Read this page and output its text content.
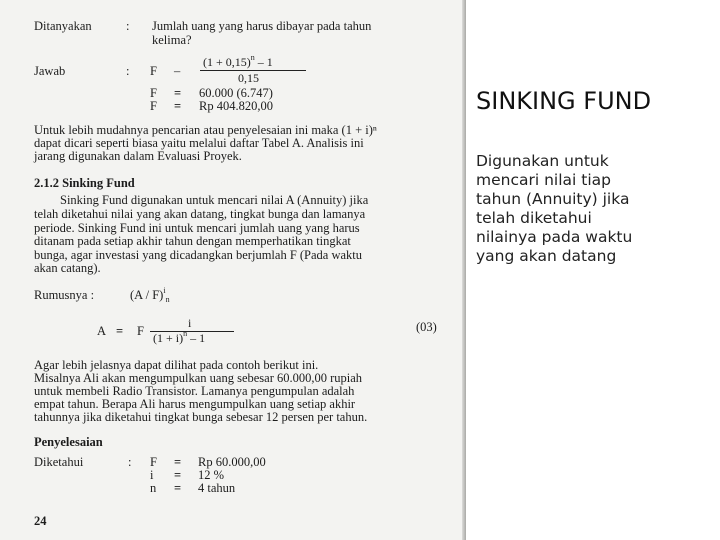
Ditanyakan	: Jumlah uang yang harus dibayar pada tahun
kelima?
Jawab	: F –
$(1 + 0,15)^n - 1$
0,15
F = 60.000 (6.747)
F = Rp 404.820,00
Untuk lebih mudahnya pencarian atau penyelesaian ini maka (1 + i)ⁿ
dapat dicari seperti biasa yaitu melalui daftar Tabel A. Analisis ini
jarang digunakan dalam Evaluasi Proyek.
2.1.2 Sinking Fund
Sinking Fund digunakan untuk mencari nilai A (Annuity) jika
telah diketahui nilai yang akan datang, tingkat bunga dan lamanya
periode. Sinking Fund ini untuk mencari jumlah uang yang harus
ditanam pada setiap akhir tahun dengan memperhatikan tingkat
bunga, agar investasi yang dicadangkan berjumlah F (Pada waktu
akan catang).
Rumusnya :	(A / F)$^i_n$
A = F
i
$(1 + i)^n - 1$
(03)
Agar lebih jelasnya dapat dilihat pada contoh berikut ini.
Misalnya Ali akan mengumpulkan uang sebesar 60.000,00 rupiah
untuk membeli Radio Transistor. Lamanya pengumpulan adalah
empat tahun. Berapa Ali harus mengumpulkan uang setiap akhir
tahunnya jika diketahui tingkat bunga sebesar 12 persen per tahun.
Penyelesaian
Diketahui	: F = Rp 60.000,00
i = 12 %
n = 4 tahun
24
SINKING FUND
Digunakan untuk
mencari nilai tiap
tahun (Annuity) jika
telah diketahui
nilainya pada waktu
yang akan datang
